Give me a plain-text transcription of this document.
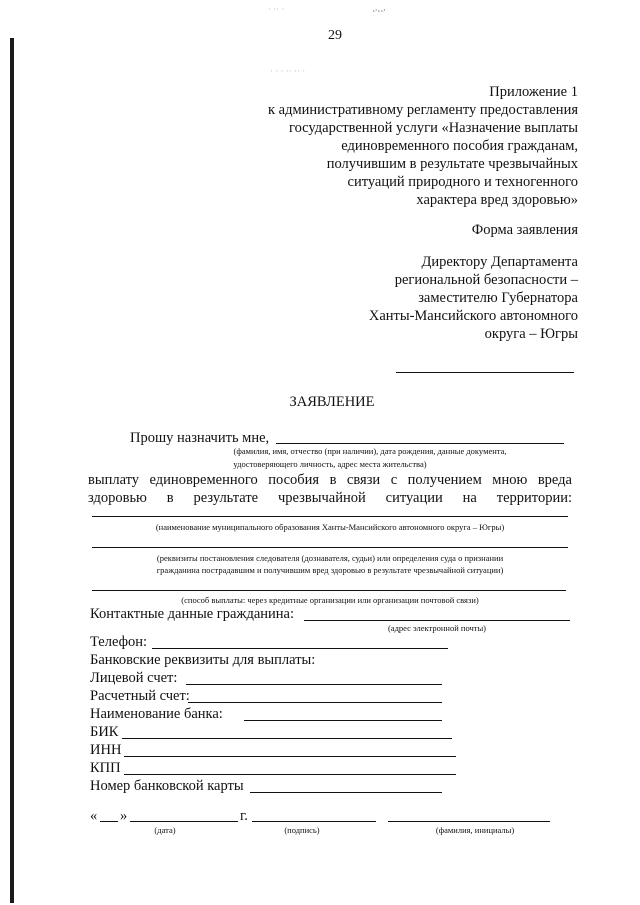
· ·· ·	¸,¸¸,
· · · ·· ·· ·
29
Приложение 1
к административному регламенту предоставления
государственной услуги «Назначение выплаты
единовременного пособия гражданам,
получившим в результате чрезвычайных
ситуаций природного и техногенного
характера вред здоровью»
Форма заявления
Директору Департамента
региональной безопасности –
заместителю Губернатора
Ханты-Мансийского автономного
округа – Югры
ЗАЯВЛЕНИЕ
Прошу назначить мне,
(фамилия, имя, отчество (при наличии), дата рождения, данные документа,
удостоверяющего личность, адрес места жительства)
выплату единовременного пособия в связи с получением мною вреда
здоровью в результате чрезвычайной ситуации на территории:
(наименование муниципального образования Ханты-Мансийского автономного округа – Югры)
(реквизиты постановления следователя (дознавателя, судьи) или определения суда о признании
гражданина пострадавшим и получившим вред здоровью в результате чрезвычайной ситуации)
(способ выплаты: через кредитные организации или организации почтовой связи)
Контактные данные гражданина:
(адрес электронной почты)
Телефон:
Банковские реквизиты для выплаты:
Лицевой счет:
Расчетный счет:
Наименование банка:
БИК
ИНН
КПП
Номер банковской карты
« »	г.
(дата)	(подпись)	(фамилия, инициалы)
